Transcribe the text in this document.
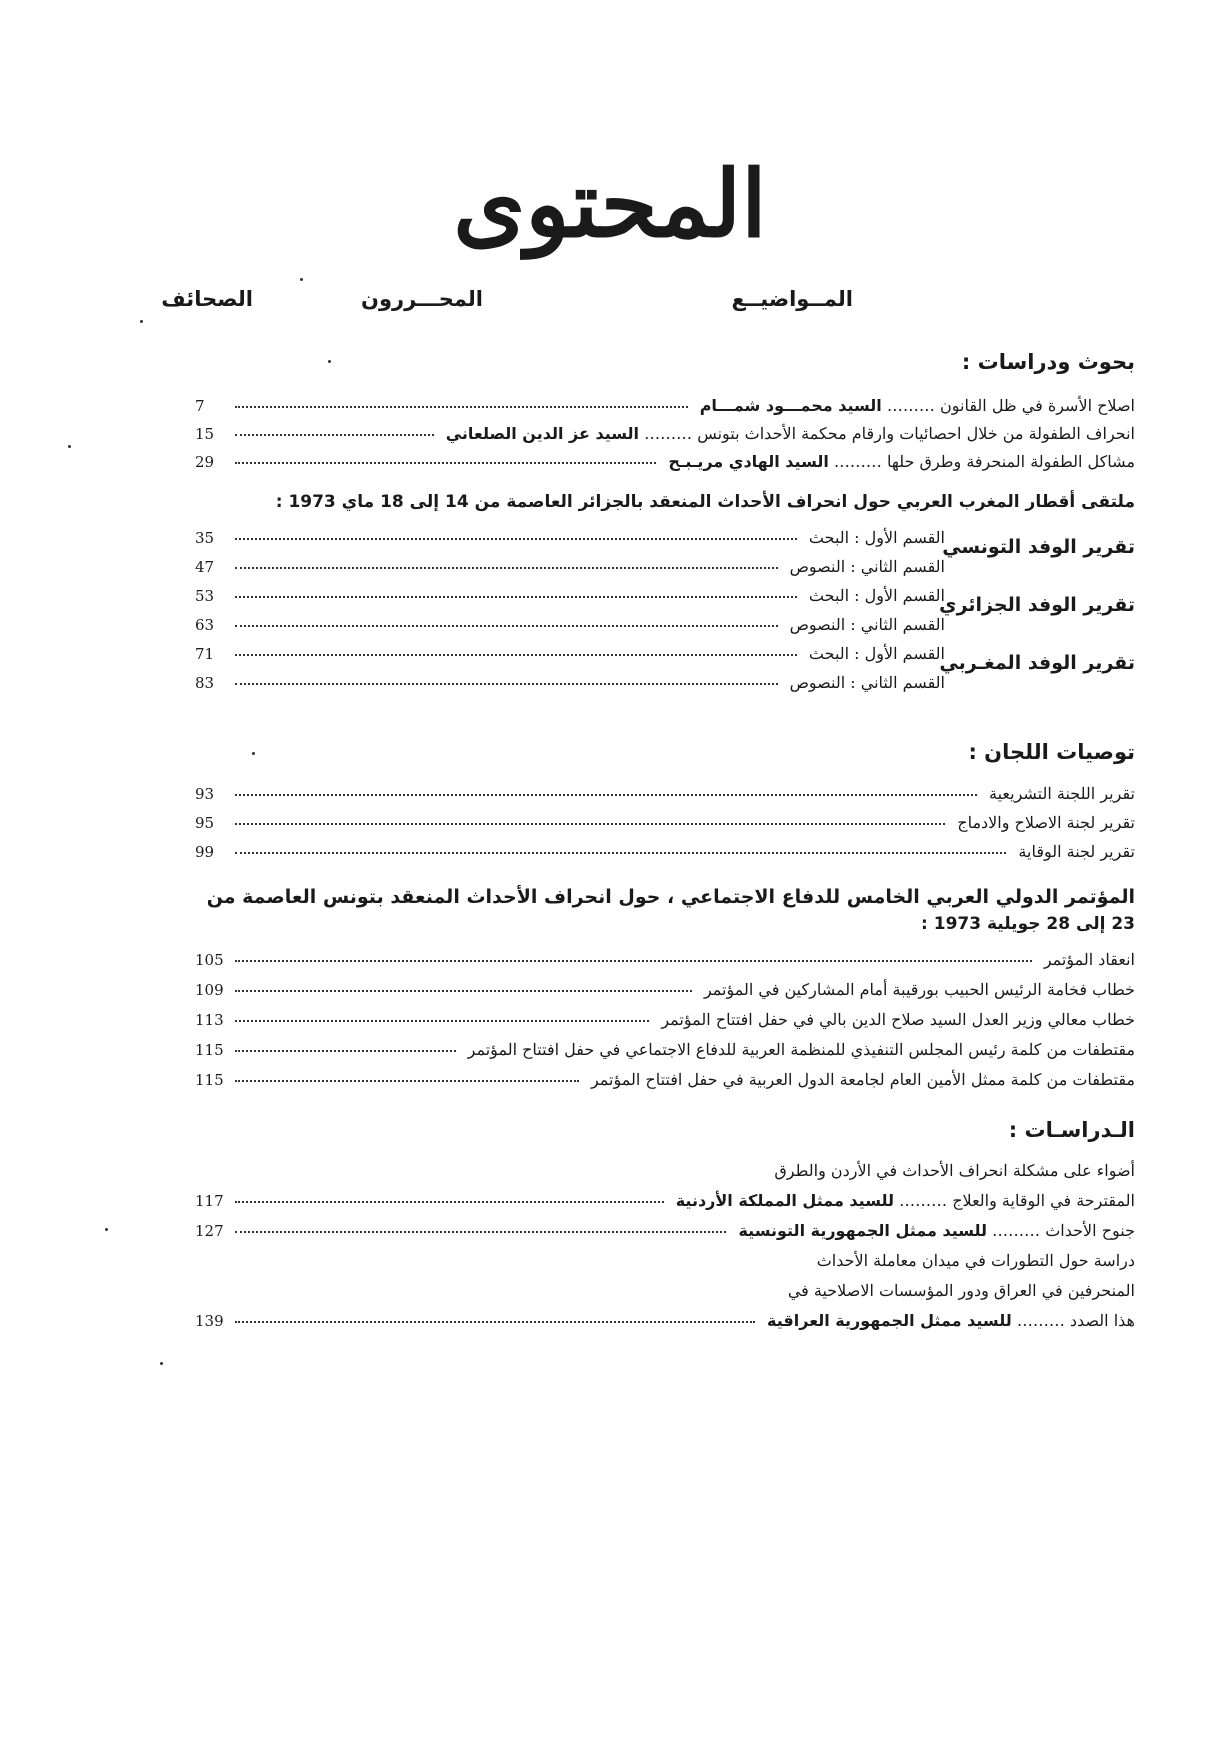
المحتوى
المــواضيــع
المحـــررون
الصحائف
بحوث ودراسات :
اصلاح الأسرة في ظل القانون ……… السيد محمـــود شمـــام
7
انحراف الطفولة من خلال احصائيات وارقام محكمة الأحداث بتونس ……… السيد عز الدين الصلعاني
15
مشاكل الطفولة المنحرفة وطرق حلها ……… السيد الهادي مريـبـح
29
ملتقى أقطار المغرب العربي حول انحراف الأحداث المنعقد بالجزائر العاصمة من 14 إلى 18 ماي 1973 :
تقرير الوفد التونسي
القسم الأول : البحث
35
القسم الثاني : النصوص
47
تقرير الوفد الجزائري
القسم الأول : البحث
53
القسم الثاني : النصوص
63
تقرير الوفد المغـربي
القسم الأول : البحث
71
القسم الثاني : النصوص
83
توصيات اللجان :
تقرير اللجنة التشريعية
93
تقرير لجنة الاصلاح والادماج
95
تقرير لجنة الوقاية
99
المؤتمر الدولي العربي الخامس للدفاع الاجتماعي ، حول انحراف الأحداث المنعقد بتونس العاصمة من
23 إلى 28 جويلية 1973 :
انعقاد المؤتمر
105
خطاب فخامة الرئيس الحبيب بورقيبة أمام المشاركين في المؤتمر
109
خطاب معالي وزير العدل السيد صلاح الدين بالي في حفل افتتاح المؤتمر
113
مقتطفات من كلمة رئيس المجلس التنفيذي للمنظمة العربية للدفاع الاجتماعي في حفل افتتاح المؤتمر
115
مقتطفات من كلمة ممثل الأمين العام لجامعة الدول العربية في حفل افتتاح المؤتمر
115
الـدراسـات :
أضواء على مشكلة انحراف الأحداث في الأردن والطرق
المقترحة في الوقاية والعلاج ……… للسيد ممثل المملكة الأردنية
117
جنوح الأحداث ……… للسيد ممثل الجمهورية التونسية
127
دراسة حول التطورات في ميدان معاملة الأحداث
المنحرفين في العراق ودور المؤسسات الاصلاحية في
هذا الصدد ……… للسيد ممثل الجمهورية العراقية
139
